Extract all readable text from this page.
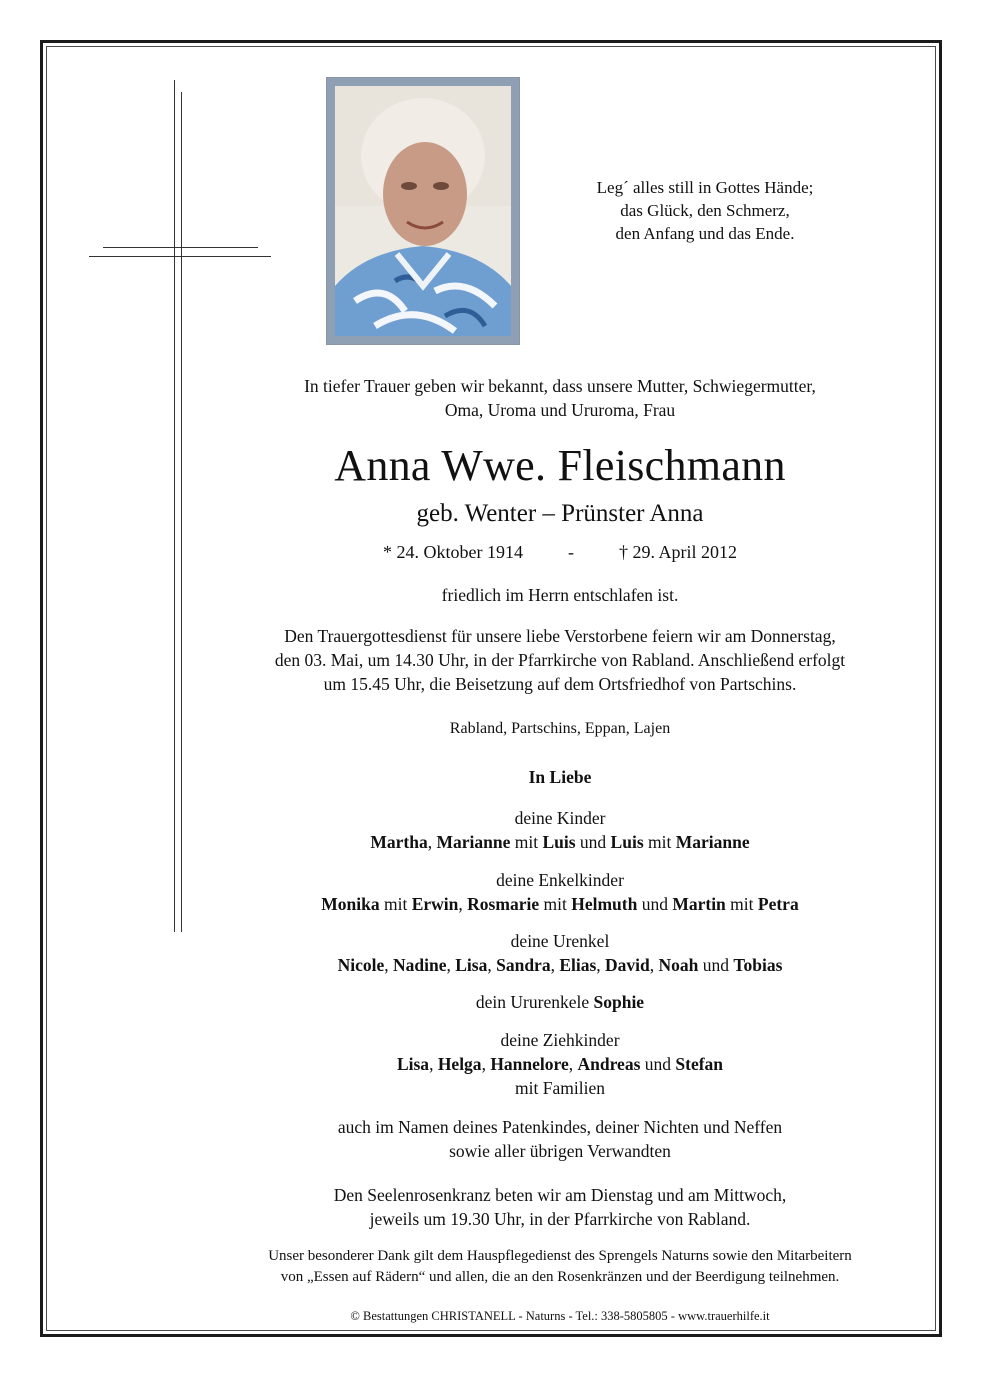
Leg´ alles still in Gottes Hände;
das Glück, den Schmerz,
den Anfang und das Ende.
In tiefer Trauer geben wir bekannt, dass unsere Mutter, Schwiegermutter,
Oma, Uroma und Ururoma, Frau
Anna Wwe. Fleischmann
geb. Wenter – Prünster Anna
* 24. Oktober 1914	-	† 29. April 2012
friedlich im Herrn entschlafen ist.
Den Trauergottesdienst für unsere liebe Verstorbene feiern wir am Donnerstag,
den 03. Mai, um 14.30 Uhr, in der Pfarrkirche von Rabland. Anschließend erfolgt
um 15.45 Uhr, die Beisetzung auf dem Ortsfriedhof von Partschins.
Rabland, Partschins, Eppan, Lajen
In Liebe
deine Kinder
Martha, Marianne mit Luis und Luis mit Marianne
deine Enkelkinder
Monika mit Erwin, Rosmarie mit Helmuth und Martin mit Petra
deine Urenkel
Nicole, Nadine, Lisa, Sandra, Elias, David, Noah und Tobias
dein Ururenkele Sophie
deine Ziehkinder
Lisa, Helga, Hannelore, Andreas und Stefan
mit Familien
auch im Namen deines Patenkindes, deiner Nichten und Neffen
sowie aller übrigen Verwandten
Den Seelenrosenkranz beten wir am Dienstag und am Mittwoch,
jeweils um 19.30 Uhr, in der Pfarrkirche von Rabland.
Unser besonderer Dank gilt dem Hauspflegedienst des Sprengels Naturns sowie den Mitarbeitern
von „Essen auf Rädern“ und allen, die an den Rosenkränzen und der Beerdigung teilnehmen.
© Bestattungen CHRISTANELL - Naturns - Tel.: 338-5805805 - www.trauerhilfe.it
